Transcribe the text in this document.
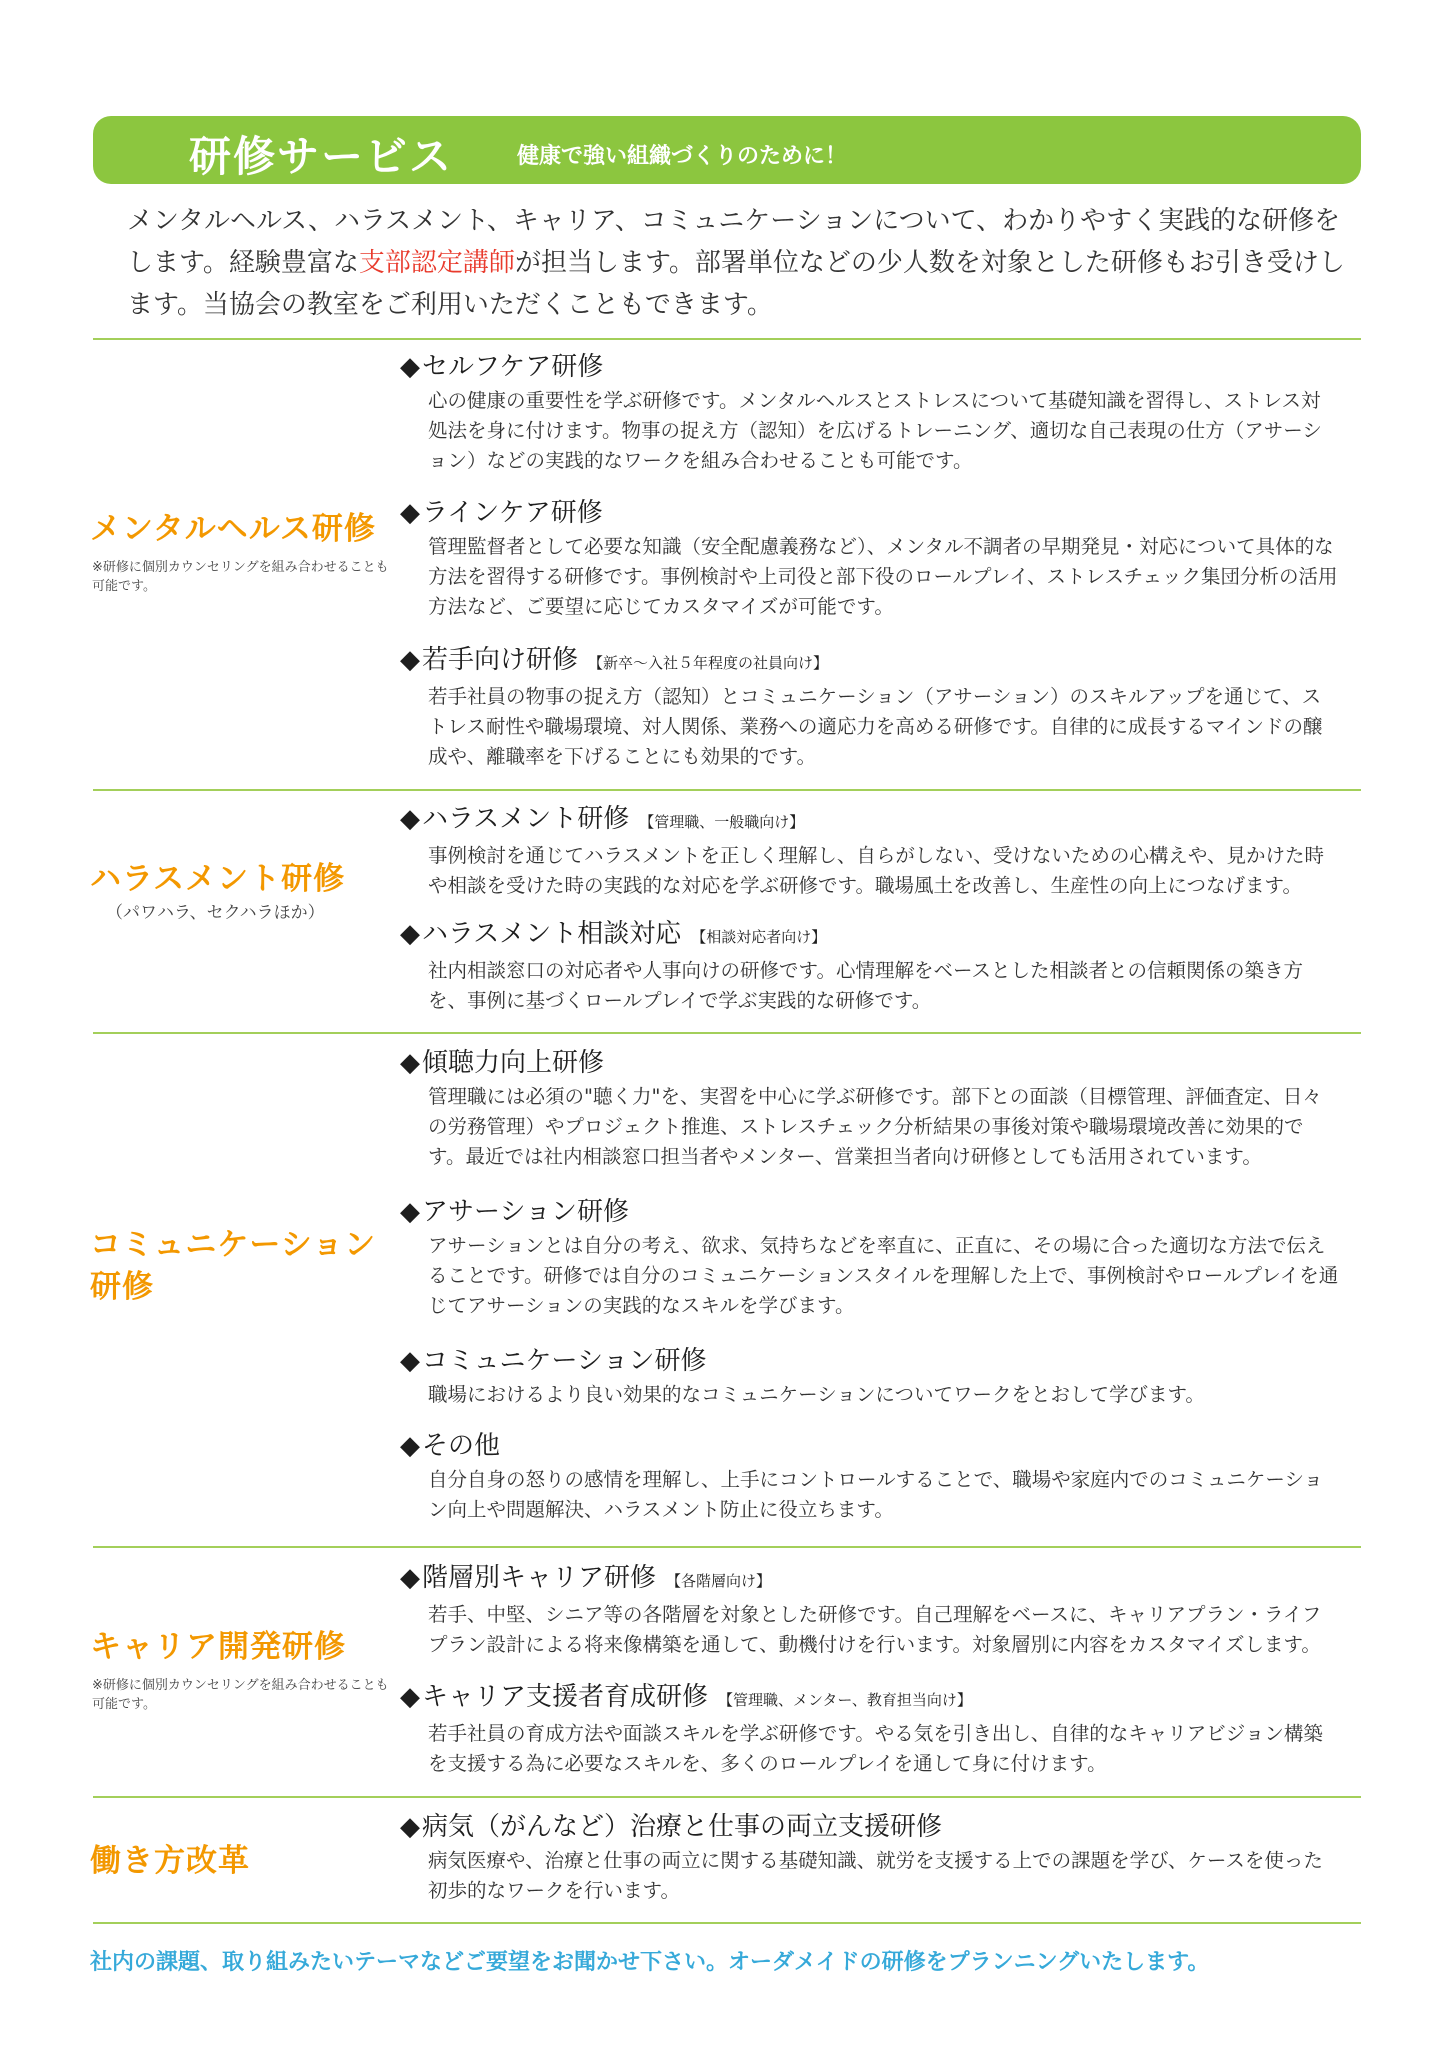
研修サービス	健康で強い組織づくりのために！
メンタルヘルス、ハラスメント、キャリア、コミュニケーションについて、わかりやすく実践的な研修をします。経験豊富な支部認定講師が担当します。部署単位などの少人数を対象とした研修もお引き受けします。当協会の教室をご利用いただくこともできます。
メンタルヘルス研修
※研修に個別カウンセリングを組み合わせることも可能です。
◆セルフケア研修
心の健康の重要性を学ぶ研修です。メンタルヘルスとストレスについて基礎知識を習得し、ストレス対処法を身に付けます。物事の捉え方（認知）を広げるトレーニング、適切な自己表現の仕方（アサーション）などの実践的なワークを組み合わせることも可能です。
◆ラインケア研修
管理監督者として必要な知識（安全配慮義務など）、メンタル不調者の早期発見・対応について具体的な方法を習得する研修です。事例検討や上司役と部下役のロールプレイ、ストレスチェック集団分析の活用方法など、ご要望に応じてカスタマイズが可能です。
◆若手向け研修 【新卒～入社５年程度の社員向け】
若手社員の物事の捉え方（認知）とコミュニケーション（アサーション）のスキルアップを通じて、ストレス耐性や職場環境、対人関係、業務への適応力を高める研修です。自律的に成長するマインドの醸成や、離職率を下げることにも効果的です。
ハラスメント研修
（パワハラ、セクハラほか）
◆ハラスメント研修 【管理職、一般職向け】
事例検討を通じてハラスメントを正しく理解し、自らがしない、受けないための心構えや、見かけた時や相談を受けた時の実践的な対応を学ぶ研修です。職場風土を改善し、生産性の向上につなげます。
◆ハラスメント相談対応 【相談対応者向け】
社内相談窓口の対応者や人事向けの研修です。心情理解をベースとした相談者との信頼関係の築き方を、事例に基づくロールプレイで学ぶ実践的な研修です。
コミュニケーション研修
◆傾聴力向上研修
管理職には必須の"聴く力"を、実習を中心に学ぶ研修です。部下との面談（目標管理、評価査定、日々の労務管理）やプロジェクト推進、ストレスチェック分析結果の事後対策や職場環境改善に効果的です。最近では社内相談窓口担当者やメンター、営業担当者向け研修としても活用されています。
◆アサーション研修
アサーションとは自分の考え、欲求、気持ちなどを率直に、正直に、その場に合った適切な方法で伝えることです。研修では自分のコミュニケーションスタイルを理解した上で、事例検討やロールプレイを通じてアサーションの実践的なスキルを学びます。
◆コミュニケーション研修
職場におけるより良い効果的なコミュニケーションについてワークをとおして学びます。
◆その他
自分自身の怒りの感情を理解し、上手にコントロールすることで、職場や家庭内でのコミュニケーション向上や問題解決、ハラスメント防止に役立ちます。
キャリア開発研修
※研修に個別カウンセリングを組み合わせることも可能です。
◆階層別キャリア研修 【各階層向け】
若手、中堅、シニア等の各階層を対象とした研修です。自己理解をベースに、キャリアプラン・ライフプラン設計による将来像構築を通して、動機付けを行います。対象層別に内容をカスタマイズします。
◆キャリア支援者育成研修 【管理職、メンター、教育担当向け】
若手社員の育成方法や面談スキルを学ぶ研修です。やる気を引き出し、自律的なキャリアビジョン構築を支援する為に必要なスキルを、多くのロールプレイを通して身に付けます。
働き方改革
◆病気（がんなど）治療と仕事の両立支援研修
病気医療や、治療と仕事の両立に関する基礎知識、就労を支援する上での課題を学び、ケースを使った初歩的なワークを行います。
社内の課題、取り組みたいテーマなどご要望をお聞かせ下さい。オーダメイドの研修をプランニングいたします。
